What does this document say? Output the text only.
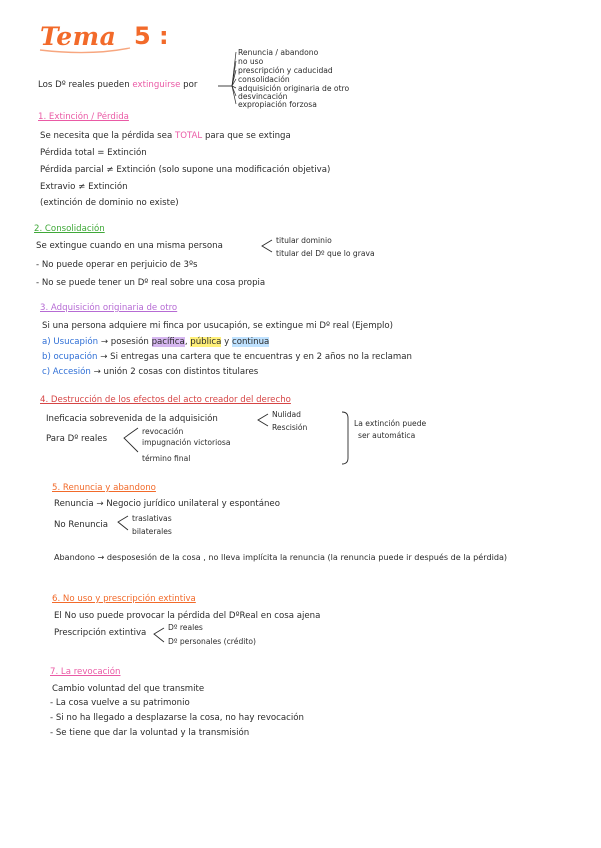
Tema 5 :
Los Dº reales pueden extinguirse por
Renuncia / abandono
no uso
prescripción y caducidad
consolidación
adquisición originaria de otro
desvincación
expropiación forzosa
1. Extinción / Pérdida
Se necesita que la pérdida sea TOTAL para que se extinga
Pérdida total = Extinción
Pérdida parcial ≠ Extinción (solo supone una modificación objetiva)
Extravio ≠ Extinción
(extinción de dominio no existe)
2. Consolidación
Se extingue cuando en una misma persona
titular dominio
titular del Dº que lo grava
- No puede operar en perjuicio de 3ºs
- No se puede tener un Dº real sobre una cosa propia
3. Adquisición originaria de otro
Si una persona adquiere mi finca por usucapión, se extingue mi Dº real (Ejemplo)
a) Usucapión → posesión pacífica, pública y continua
b) ocupación → Si entregas una cartera que te encuentras y en 2 años no la reclaman
c) Accesión → unión 2 cosas con distintos titulares
4. Destrucción de los efectos del acto creador del derecho
Ineficacia sobrevenida de la adquisición	Nulidad
Rescisión
Para Dº reales
revocación
impugnación victoriosa
término final
La extinción puede
ser automática
5. Renuncia y abandono
Renuncia → Negocio jurídico unilateral y espontáneo
No Renuncia
traslativas
bilaterales
Abandono → desposesión de la cosa , no lleva implícita la renuncia (la renuncia puede ir después de la pérdida)
6. No uso y prescripción extintiva
El No uso puede provocar la pérdida del DºReal en cosa ajena
Prescripción extintiva
Dº reales
Dº personales (crédito)
7. La revocación
Cambio voluntad del que transmite
- La cosa vuelve a su patrimonio
- Si no ha llegado a desplazarse la cosa, no hay revocación
- Se tiene que dar la voluntad y la transmisión
